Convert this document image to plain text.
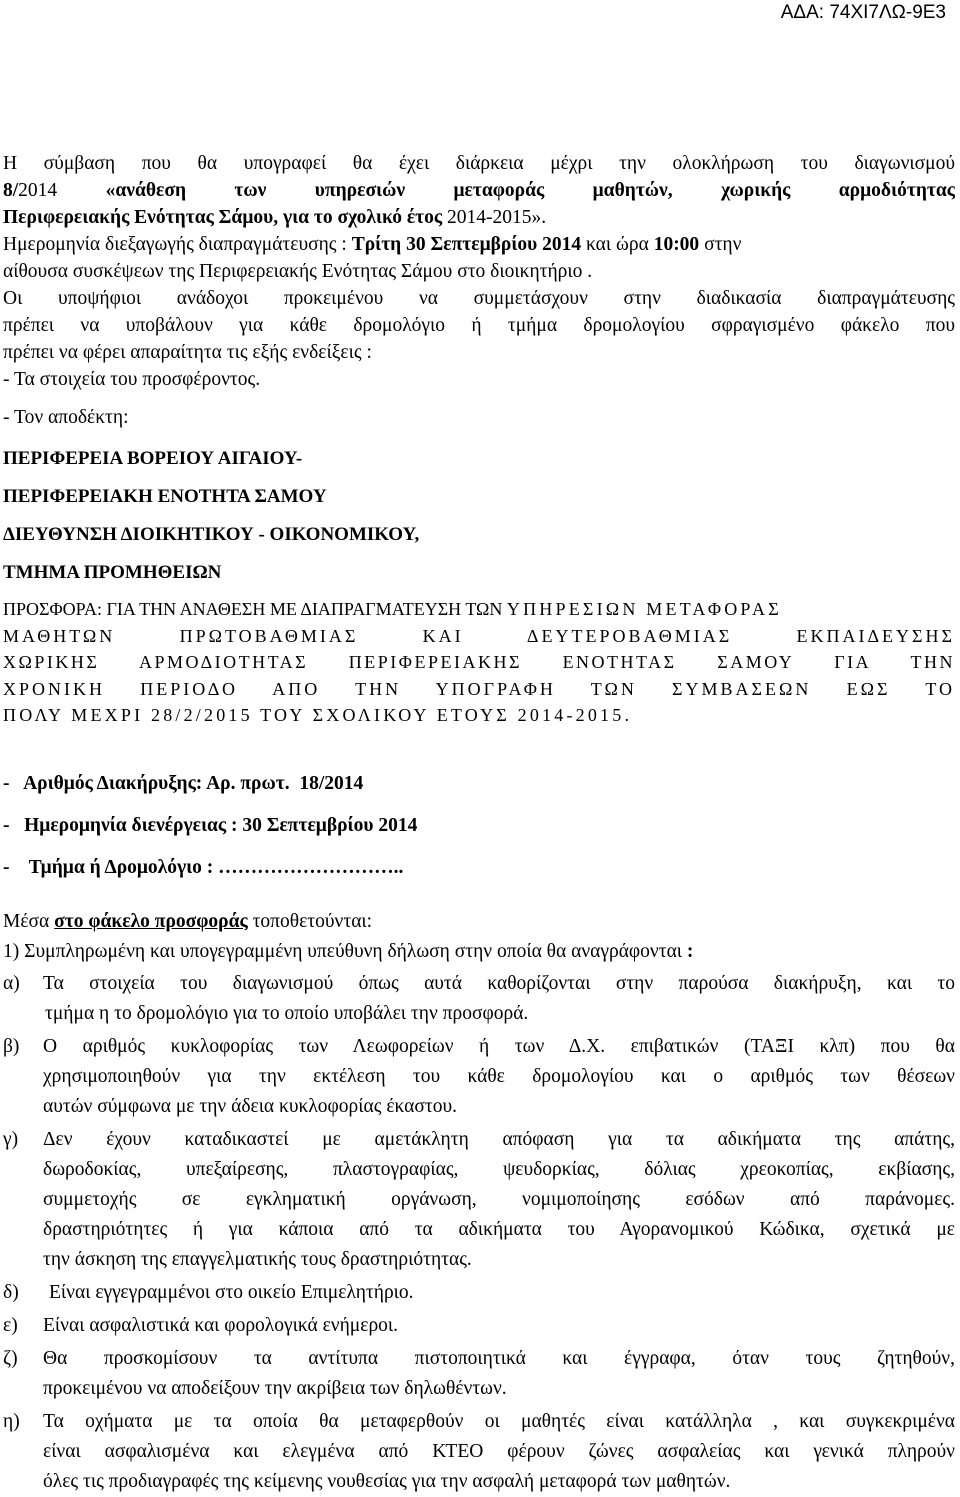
ΑΔΑ: 74ΧΙ7ΛΩ-9Ε3
Η σύμβαση που θα υπογραφεί θα έχει διάρκεια μέχρι την ολοκλήρωση του διαγωνισμού
8/2014 «ανάθεση των υπηρεσιών μεταφοράς μαθητών, χωρικής αρμοδιότητας
Περιφερειακής Ενότητας Σάμου, για το σχολικό έτος 2014-2015».
Ημερομηνία διεξαγωγής διαπραγμάτευσης : Τρίτη 30 Σεπτεμβρίου 2014 και ώρα 10:00 στην
αίθουσα συσκέψεων της Περιφερειακής Ενότητας Σάμου στο διοικητήριο .
Οι υποψήφιοι ανάδοχοι προκειμένου να συμμετάσχουν στην διαδικασία διαπραγμάτευσης
πρέπει να υποβάλουν για κάθε δρομολόγιο ή τμήμα δρομολογίου σφραγισμένο φάκελο που
πρέπει να φέρει απαραίτητα τις εξής ενδείξεις :
- Τα στοιχεία του προσφέροντος.
- Τον αποδέκτη:
ΠΕΡΙΦΕΡΕΙΑ ΒΟΡΕΙΟΥ ΑΙΓΑΙΟΥ-
ΠΕΡΙΦΕΡΕΙΑΚΗ ΕΝΟΤΗΤΑ ΣΑΜΟΥ
ΔΙΕΥΘΥΝΣΗ ΔΙΟΙΚΗΤΙΚΟΥ - ΟΙΚΟΝΟΜΙΚΟΥ,
ΤΜΗΜΑ ΠΡΟΜΗΘΕΙΩΝ
ΠΡΟΣΦΟΡΑ: ΓΙΑ ΤΗΝ ΑΝΑΘΕΣΗ ΜΕ ΔΙΑΠΡΑΓΜΑΤΕΥΣΗ ΤΩΝ ΥΠΗΡΕΣΙΩΝ ΜΕΤΑΦΟΡΑΣ
ΜΑΘΗΤΩΝ ΠΡΩΤΟΒΑΘΜΙΑΣ ΚΑΙ ΔΕΥΤΕΡΟΒΑΘΜΙΑΣ ΕΚΠΑΙΔΕΥΣΗΣ
ΧΩΡΙΚΗΣ ΑΡΜΟΔΙΟΤΗΤΑΣ ΠΕΡΙΦΕΡΕΙΑΚΗΣ ΕΝΟΤΗΤΑΣ ΣΑΜΟΥ ΓΙΑ ΤΗΝ
ΧΡΟΝΙΚΗ ΠΕΡΙΟΔΟ ΑΠΟ ΤΗΝ ΥΠΟΓΡΑΦΗ ΤΩΝ ΣΥΜΒΑΣΕΩΝ ΕΩΣ ΤΟ
ΠΟΛΥ ΜΕΧΡΙ 28/2/2015 ΤΟΥ ΣΧΟΛΙΚΟΥ ΕΤΟΥΣ 2014-2015.
- Αριθμός Διακήρυξης: Αρ. πρωτ. 18/2014
- Ημερομηνία διενέργειας : 30 Σεπτεμβρίου 2014
- Τμήμα ή Δρομολόγιο : ………………………..
Μέσα στο φάκελο προσφοράς τοποθετούνται:
1) Συμπληρωμένη και υπογεγραμμένη υπεύθυνη δήλωση στην οποία θα αναγράφονται :
α)	Τα στοιχεία του διαγωνισμού όπως αυτά καθορίζονται στην παρούσα διακήρυξη, και το
τμήμα η το δρομολόγιο για το οποίο υποβάλει την προσφορά.
β)	Ο αριθμός κυκλοφορίας των Λεωφορείων ή των Δ.Χ. επιβατικών (ΤΑΞΙ κλπ) που θα
χρησιμοποιηθούν για την εκτέλεση του κάθε δρομολογίου και ο αριθμός των θέσεων
αυτών σύμφωνα με την άδεια κυκλοφορίας έκαστου.
γ)	Δεν έχουν καταδικαστεί με αμετάκλητη απόφαση για τα αδικήματα της απάτης,
δωροδοκίας, υπεξαίρεσης, πλαστογραφίας, ψευδορκίας, δόλιας χρεοκοπίας, εκβίασης,
συμμετοχής σε εγκληματική οργάνωση, νομιμοποίησης εσόδων από παράνομες.
δραστηριότητες ή για κάποια από τα αδικήματα του Αγορανομικού Κώδικα, σχετικά με
την άσκηση της επαγγελματικής τους δραστηριότητας.
δ)	Είναι εγγεγραμμένοι στο οικείο Επιμελητήριο.
ε)	Είναι ασφαλιστικά και φορολογικά ενήμεροι.
ζ)	Θα προσκομίσουν τα αντίτυπα πιστοποιητικά και έγγραφα, όταν τους ζητηθούν,
προκειμένου να αποδείξουν την ακρίβεια των δηλωθέντων.
η)	Τα οχήματα με τα οποία θα μεταφερθούν οι μαθητές είναι κατάλληλα , και συγκεκριμένα
είναι ασφαλισμένα και ελεγμένα από ΚΤΕΟ φέρουν ζώνες ασφαλείας και γενικά πληρούν
όλες τις προδιαγραφές της κείμενης νουθεσίας για την ασφαλή μεταφορά των μαθητών.
